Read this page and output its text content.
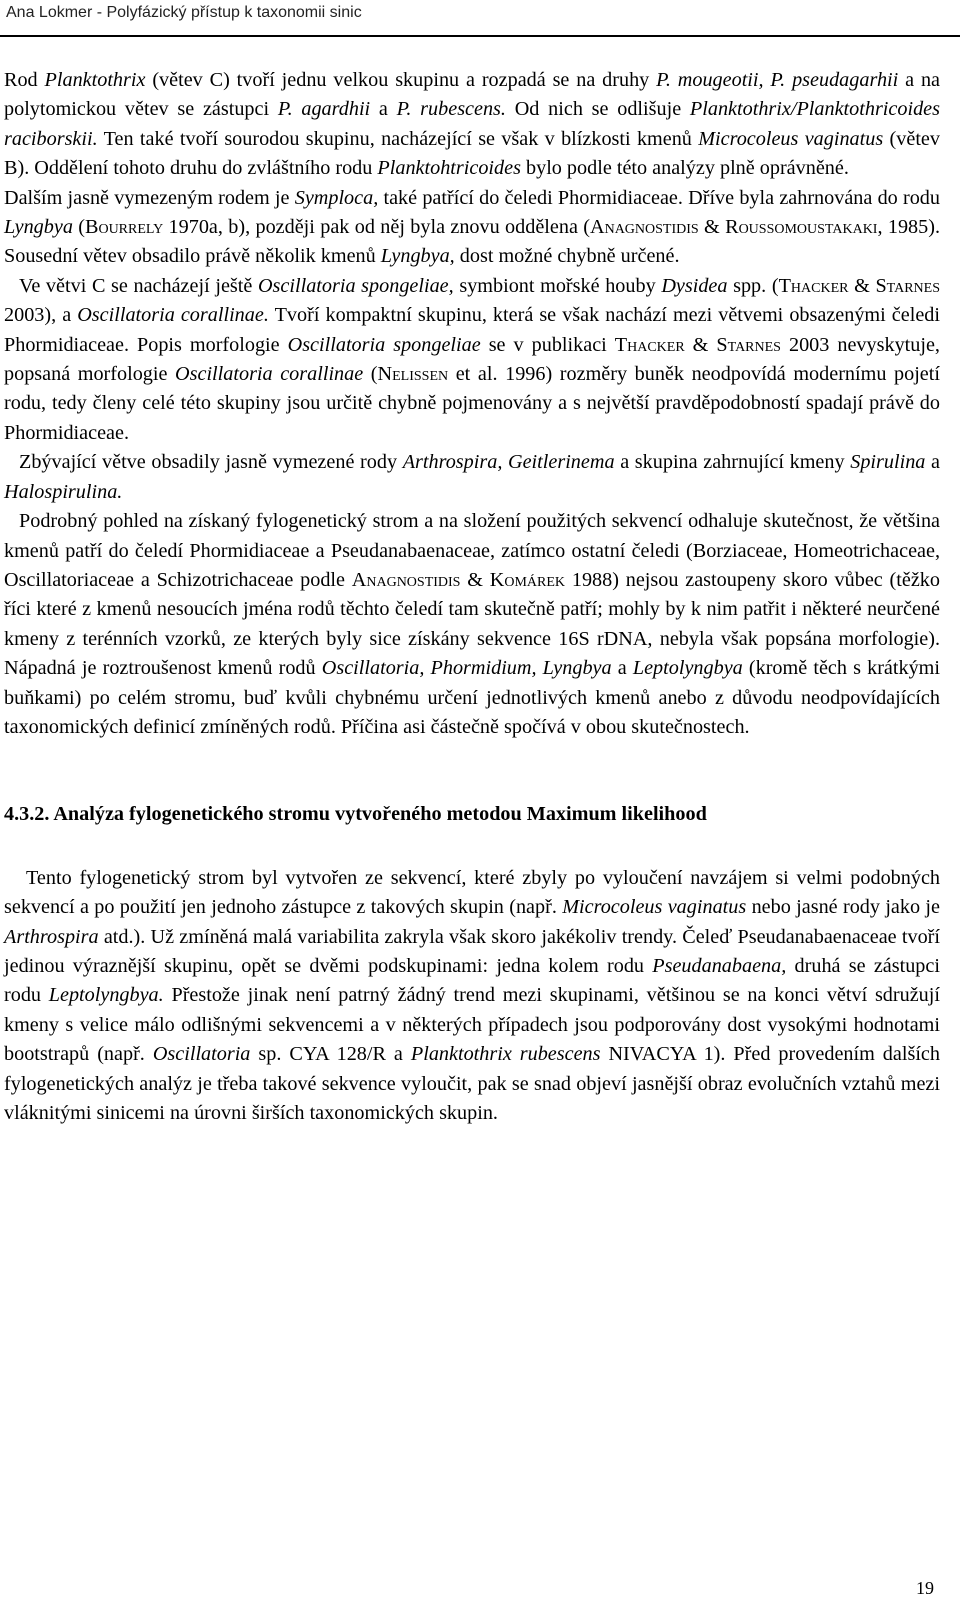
Ana Lokmer - Polyfázický přístup k taxonomii sinic

Rod Planktothrix (větev C) tvoří jednu velkou skupinu a rozpadá se na druhy P. mougeotii, P. pseudagarhii a na polytomickou větev se zástupci P. agardhii a P. rubescens. Od nich se odlišuje Planktothrix/Planktothricoides raciborskii. Ten také tvoří sourodou skupinu, nacházející se však v blízkosti kmenů Microcoleus vaginatus (větev B). Oddělení tohoto druhu do zvláštního rodu Planktohtricoides bylo podle této analýzy plně oprávněné.

Dalším jasně vymezeným rodem je Symploca, také patřící do čeledi Phormidiaceae. Dříve byla zahrnována do rodu Lyngbya (Bourrely 1970a, b), později pak od něj byla znovu oddělena (Anagnostidis & Roussomoustakaki, 1985). Sousední větev obsadilo právě několik kmenů Lyngbya, dost možné chybně určené.

Ve větvi C se nacházejí ještě Oscillatoria spongeliae, symbiont mořské houby Dysidea spp. (Thacker & Starnes 2003), a Oscillatoria corallinae. Tvoří kompaktní skupinu, která se však nachází mezi větvemi obsazenými čeledi Phormidiaceae. Popis morfologie Oscillatoria spongeliae se v publikaci Thacker & Starnes 2003 nevyskytuje, popsaná morfologie Oscillatoria corallinae (Nelissen et al. 1996) rozměry buněk neodpovídá modernímu pojetí rodu, tedy členy celé této skupiny jsou určitě chybně pojmenovány a s největší pravděpodobností spadají právě do Phormidiaceae.

Zbývající větve obsadily jasně vymezené rody Arthrospira, Geitlerinema a skupina zahrnující kmeny Spirulina a Halospirulina.

Podrobný pohled na získaný fylogenetický strom a na složení použitých sekvencí odhaluje skutečnost, že většina kmenů patří do čeledí Phormidiaceae a Pseudanabaenaceae, zatímco ostatní čeledi (Borziaceae, Homeotrichaceae, Oscillatoriaceae a Schizotrichaceae podle Anagnostidis & Komárek 1988) nejsou zastoupeny skoro vůbec (těžko říci které z kmenů nesoucích jména rodů těchto čeledí tam skutečně patří; mohly by k nim patřit i některé neurčené kmeny z terénních vzorků, ze kterých byly sice získány sekvence 16S rDNA, nebyla však popsána morfologie). Nápadná je roztroušenost kmenů rodů Oscillatoria, Phormidium, Lyngbya a Leptolyngbya (kromě těch s krátkými buňkami) po celém stromu, buď kvůli chybnému určení jednotlivých kmenů anebo z důvodu neodpovídajících taxonomických definicí zmíněných rodů. Příčina asi částečně spočívá v obou skutečnostech.

4.3.2. Analýza fylogenetického stromu vytvořeného metodou Maximum likelihood

Tento fylogenetický strom byl vytvořen ze sekvencí, které zbyly po vyloučení navzájem si velmi podobných sekvencí a po použití jen jednoho zástupce z takových skupin (např. Microcoleus vaginatus nebo jasné rody jako je Arthrospira atd.). Už zmíněná malá variabilita zakryla však skoro jakékoliv trendy. Čeleď Pseudanabaenaceae tvoří jedinou výraznější skupinu, opět se dvěmi podskupinami: jedna kolem rodu Pseudanabaena, druhá se zástupci rodu Leptolyngbya. Přestože jinak není patrný žádný trend mezi skupinami, většinou se na konci větví sdružují kmeny s velice málo odlišnými sekvencemi a v některých případech jsou podporovány dost vysokými hodnotami bootstrapů (např. Oscillatoria sp. CYA 128/R a Planktothrix rubescens NIVACYA 1). Před provedením dalších fylogenetických analýz je třeba takové sekvence vyloučit, pak se snad objeví jasnější obraz evolučních vztahů mezi vláknitými sinicemi na úrovni širších taxonomických skupin.

19
